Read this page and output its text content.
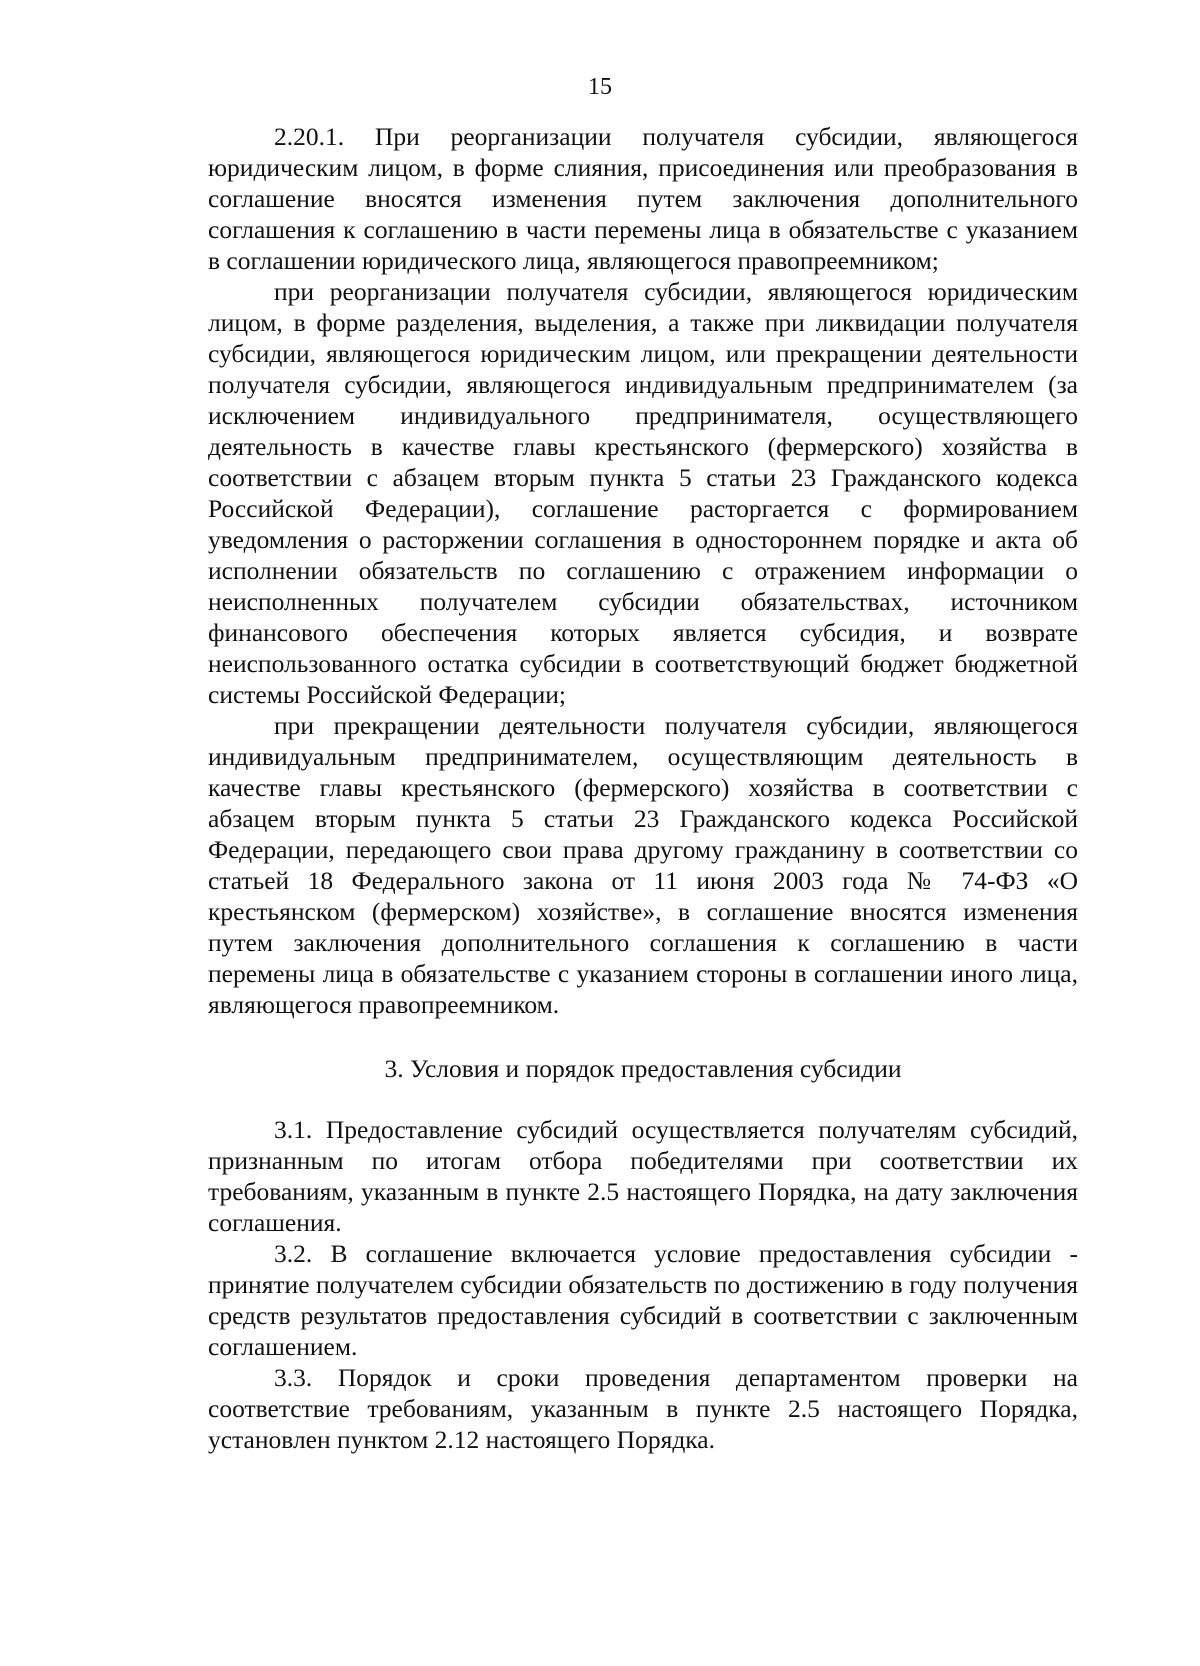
15

2.20.1. При реорганизации получателя субсидии, являющегося юридическим лицом, в форме слияния, присоединения или преобразования в соглашение вносятся изменения путем заключения дополнительного соглашения к соглашению в части перемены лица в обязательстве с указанием в соглашении юридического лица, являющегося правопреемником;

при реорганизации получателя субсидии, являющегося юридическим лицом, в форме разделения, выделения, а также при ликвидации получателя субсидии, являющегося юридическим лицом, или прекращении деятельности получателя субсидии, являющегося индивидуальным предпринимателем (за исключением индивидуального предпринимателя, осуществляющего деятельность в качестве главы крестьянского (фермерского) хозяйства в соответствии с абзацем вторым пункта 5 статьи 23 Гражданского кодекса Российской Федерации), соглашение расторгается с формированием уведомления о расторжении соглашения в одностороннем порядке и акта об исполнении обязательств по соглашению с отражением информации о неисполненных получателем субсидии обязательствах, источником финансового обеспечения которых является субсидия, и возврате неиспользованного остатка субсидии в соответствующий бюджет бюджетной системы Российской Федерации;

при прекращении деятельности получателя субсидии, являющегося индивидуальным предпринимателем, осуществляющим деятельность в качестве главы крестьянского (фермерского) хозяйства в соответствии с абзацем вторым пункта 5 статьи 23 Гражданского кодекса Российской Федерации, передающего свои права другому гражданину в соответствии со статьей 18 Федерального закона от 11 июня 2003 года № 74-ФЗ «О крестьянском (фермерском) хозяйстве», в соглашение вносятся изменения путем заключения дополнительного соглашения к соглашению в части перемены лица в обязательстве с указанием стороны в соглашении иного лица, являющегося правопреемником.

3. Условия и порядок предоставления субсидии

3.1. Предоставление субсидий осуществляется получателям субсидий, признанным по итогам отбора победителями при соответствии их требованиям, указанным в пункте 2.5 настоящего Порядка, на дату заключения соглашения.

3.2. В соглашение включается условие предоставления субсидии - принятие получателем субсидии обязательств по достижению в году получения средств результатов предоставления субсидий в соответствии с заключенным соглашением.

3.3. Порядок и сроки проведения департаментом проверки на соответствие требованиям, указанным в пункте 2.5 настоящего Порядка, установлен пунктом 2.12 настоящего Порядка.
